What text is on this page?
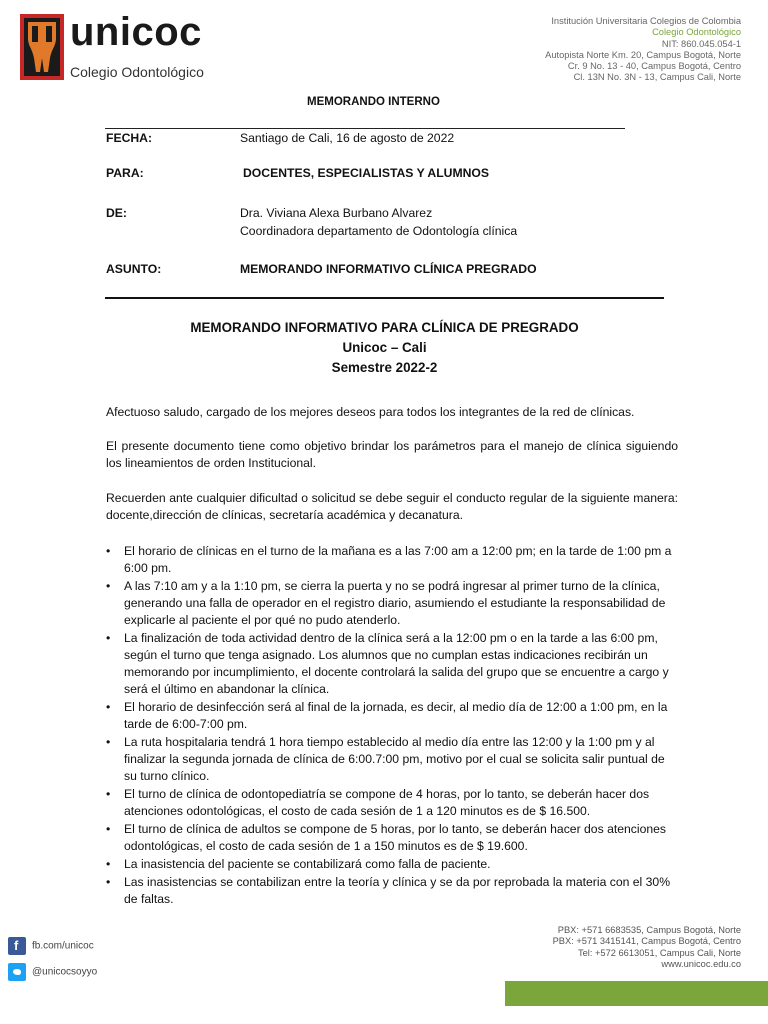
unicoc
Colegio Odontológico
Institución Universitaria Colegios de Colombia
Colegio Odontológico
NIT: 860.045.054-1
Autopista Norte Km. 20, Campus Bogotá, Norte
Cr. 9 No. 13 - 40, Campus Bogotá, Centro
Cl. 13N No. 3N - 13, Campus Cali, Norte
MEMORANDO INTERNO
FECHA:	Santiago de Cali, 16 de agosto de 2022
PARA:	DOCENTES, ESPECIALISTAS Y ALUMNOS
DE:	Dra. Viviana Alexa Burbano Alvarez
Coordinadora departamento de Odontología clínica
ASUNTO:	MEMORANDO INFORMATIVO CLÍNICA PREGRADO
MEMORANDO INFORMATIVO PARA CLÍNICA DE PREGRADO
Unicoc – Cali
Semestre 2022-2
Afectuoso saludo, cargado de los mejores deseos para todos los integrantes de la red de clínicas.
El presente documento tiene como objetivo brindar los parámetros para el manejo de clínica siguiendo los lineamientos de orden Institucional.
Recuerden ante cualquier dificultad o solicitud se debe seguir el conducto regular de la siguiente manera: docente,dirección de clínicas, secretaría académica y decanatura.
• El horario de clínicas en el turno de la mañana es a las 7:00 am a 12:00 pm; en la tarde de 1:00 pm a 6:00 pm.
• A las 7:10 am y a la 1:10 pm, se cierra la puerta y no se podrá ingresar al primer turno de la clínica, generando una falla de operador en el registro diario, asumiendo el estudiante la responsabilidad de explicarle al paciente el por qué no pudo atenderlo.
• La finalización de toda actividad dentro de la clínica será a la 12:00 pm o en la tarde a las 6:00 pm, según el turno que tenga asignado. Los alumnos que no cumplan estas indicaciones recibirán un memorando por incumplimiento, el docente controlará la salida del grupo que se encuentre a cargo y será el último en abandonar la clínica.
• El horario de desinfección será al final de la jornada, es decir, al medio día de 12:00 a 1:00 pm, en la tarde de 6:00-7:00 pm.
• La ruta hospitalaria tendrá 1 hora tiempo establecido al medio día entre las 12:00 y la 1:00 pm y al finalizar la segunda jornada de clínica de 6:00.7:00 pm, motivo por el cual se solicita salir puntual de su turno clínico.
• El turno de clínica de odontopediatría se compone de 4 horas, por lo tanto, se deberán hacer dos atenciones odontológicas, el costo de cada sesión de 1 a 120 minutos es de $ 16.500.
• El turno de clínica de adultos se compone de 5 horas, por lo tanto, se deberán hacer dos atenciones odontológicas, el costo de cada sesión de 1 a 150 minutos es de $ 19.600.
• La inasistencia del paciente se contabilizará como falla de paciente.
• Las inasistencias se contabilizan entre la teoría y clínica y se da por reprobada la materia con el 30% de faltas.
ffb.com/unicoc
@unicocsoyyo
PBX: +571 6683535, Campus Bogotá, Norte
PBX: +571 3415141, Campus Bogotá, Centro
Tel: +572 6613051, Campus Cali, Norte
www.unicoc.edu.co
